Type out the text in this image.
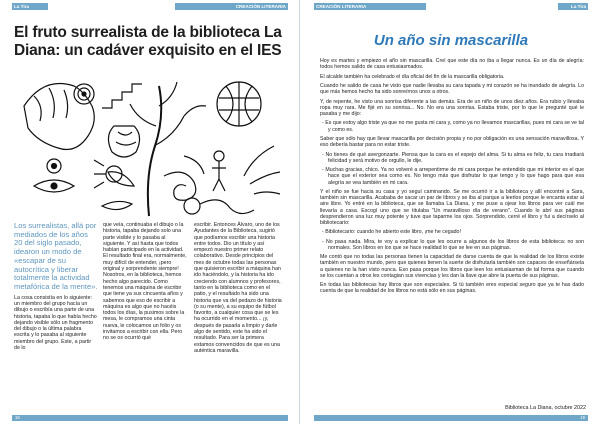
La Tira	CREACIÓN LITERARIA
El fruto surrealista de la biblioteca La Diana: un cadáver exquisito en el IES

Los surrealistas, allá por mediados de los años 20 del siglo pasado, idearon un modo de «escapar de su autocrítica y liberar totalmente la actividad metafórica de la mente».

La cosa consistía en lo siguiente: un miembro del grupo hacía un dibujo o escribía una parte de una historia, tapaba lo que había hecho dejando visible sólo un fragmento del dibujo o la última palabra escrita y lo pasaba al siguiente miembro del grupo. Este, a partir de lo

que veía, continuaba el dibujo o la historia, tapaba dejando solo una parte visible y lo pasaba al siguiente. Y así hasta que todos habían participado en la actividad. El resultado final era, normalmente, muy difícil de entender, ¡pero original y sorprendente siempre! Nosotros, en la biblioteca, hemos hecho algo parecido. Como tenemos una máquina de escribir que tiene ya sus cincuenta años y sabemos que eso de escribir a máquina es algo que no hacéis todos los días, la pusimos sobre la mesa, le compramos una cinta nueva, le colocamos un folio y os invitamos a escribir con ella. Pero no se os ocurrió qué

escribir. Entonces Álvaro, uno de los Ayudantes de la Biblioteca, sugirió que podíamos escribir una historia entre todos. Dio un título y así empezó nuestro primer relato colaborativo. Desde principios del mes de octubre todas las personas que quisieron escribir a máquina han ido haciéndolo, y la historia ha ido creciendo con alumnos y profesores, tanto en la biblioteca como en el patio, y el resultado ha sido una historia que va del pedazo de historia (o su mente), a su equipo de fútbol favorito, a cualquier cosa que se les ha ocurrido en el momento... ¡y, después de pasarla a limpio y darle algo de sentido, este ha sido el resultado. Para ser la primera estamos convencidos de que es una auténtica maravilla.

18
CREACIÓN LITERARIA	La Tira
Un año sin mascarilla

Hoy es martes y empiezo el año sin mascarilla. Creí que este día no iba a llegar nunca. Es un día de alegría: todos hemos salido de casa entusiasmados.

El alcalde también ha celebrado el día oficial del fin de la mascarilla obligatoria.

Cuando he salido de casa he visto que nadie llevaba su cara tapada y mi corazón se ha inundado de alegría. Lo que más hemos hecho ha sido sonreírnos unos a otros.

Y, de repente, he visto una sonrisa diferente a las demás. Era de un niño de unos diez años. Era rubio y llevaba ropa muy rara. Me fijé en su sonrisa... No. No era una sonrisa. Estaba triste, por lo que le pregunté qué le pasaba y me dijo:

- Es que estoy algo triste ya que no me gusta mi cara y, como ya no llevamos mascarillas, pues mi cara se ve tal y como es.

Saber que sólo hay que llevar mascarilla por decisión propia y no por obligación es una sensación maravillosa. Y eso debería bastar para no estar triste.

- No tienes de qué avergonzarte. Piensa que la cara es el espejo del alma. Si tu alma es feliz, tu cara irradiará felicidad y será motivo de orgullo, le dije.

- Muchas gracias, chico. Ya no volveré a arrepentirme de mi cara porque he entendido que mi interior es el que hace que el exterior sea como es. No tengo más que disfrutar lo que tengo y lo que hago para que esa alegría se vea también en mi cara.

Y el niño se fue hacia su casa y yo seguí caminando. Se me ocurrió ir a la biblioteca y allí encontré a Sara, también sin mascarilla. Acababa de sacar un par de libros y se iba al parque a leerlos porque le encanta estar al aire libre. Yo entré en la biblioteca, que se llamaba La Diana, y me puse a ojear los libros para ver cuál me llevaría a casa. Escogí uno que se titulaba "Un maravilloso día de verano". Cuando lo abrí sus páginas desprendieron una luz muy potente y tuve que taparme los ojos. Sorprendido, cerré el libro y fui a decírselo al bibliotecario:

- Bibliotecario: cuando he abierto este libro, ¡me he cegado!

- No pasa nada. Mira, te voy a explicar lo que les ocurre a algunos de los libros de esta biblioteca: no son normales. Son libros en los que se hace realidad lo que se lee en sus páginas.

Me contó que no todas las personas tienen la capacidad de darse cuenta de que la realidad de los libros existe también en nuestro mundo, pero que quienes tienen la suerte de disfrutarla también son capaces de enseñársela a quienes no la han visto nunca. Eso pasa porque los libros que leen los entusiasman de tal forma que cuando se los cuentan a otros les contagian sus vivencias y les dan la llave que abre la puerta de sus páginas.

En todas las bibliotecas hay libros que son especiales. Si tú también eres especial seguro que ya te has dado cuenta de que la realidad de los libros no está sólo en sus páginas.

Biblioteca La Diana, octubre 2022
19
